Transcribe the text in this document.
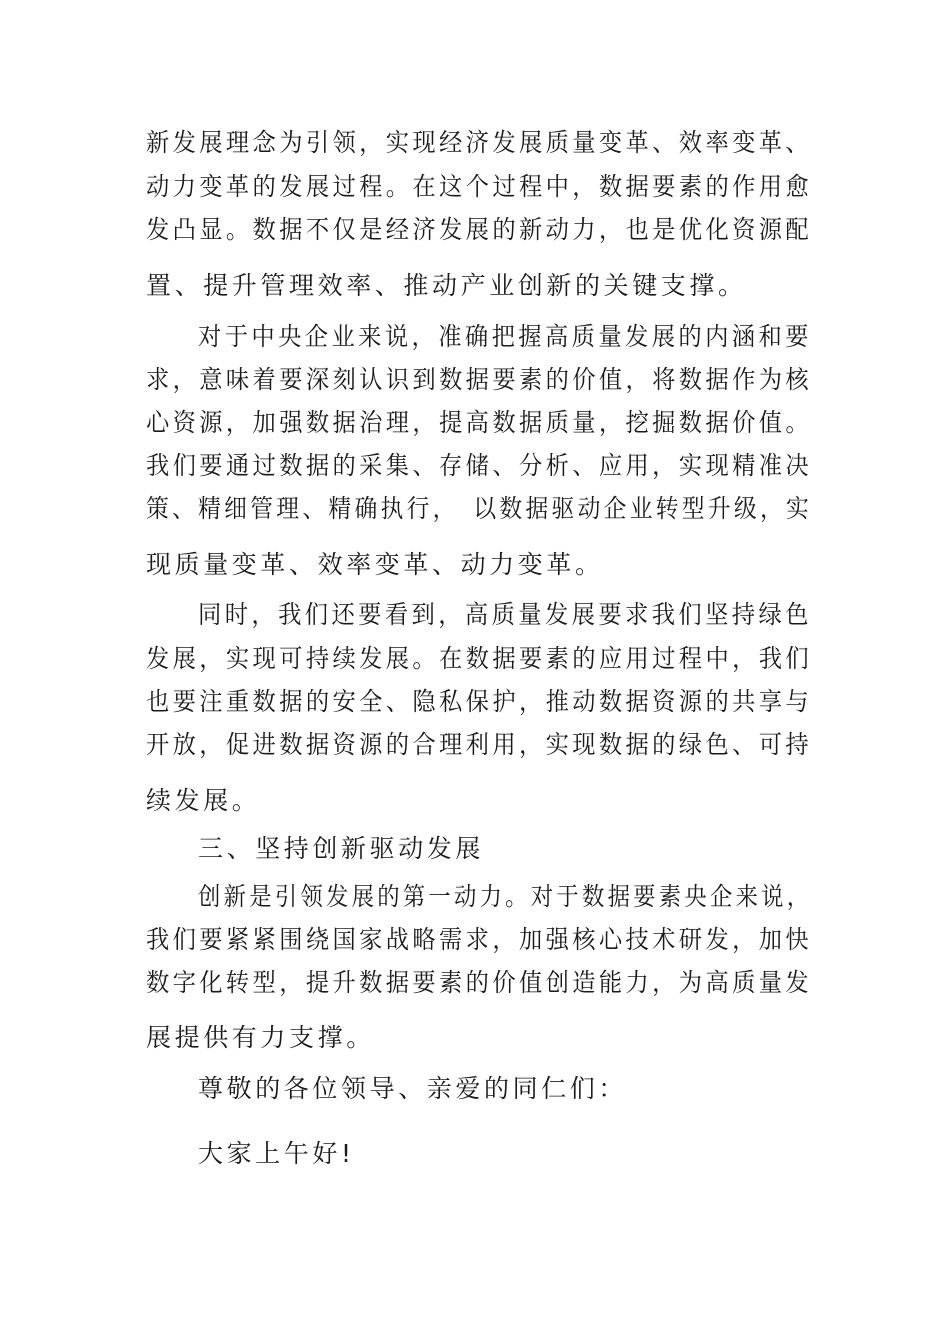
新发展理念为引领，实现经济发展质量变革、效率变革、
动力变革的发展过程。在这个过程中，数据要素的作用愈
发凸显。数据不仅是经济发展的新动力，也是优化资源配
置、提升管理效率、推动产业创新的关键支撑。
对于中央企业来说，准确把握高质量发展的内涵和要
求，意味着要深刻认识到数据要素的价值，将数据作为核
心资源，加强数据治理，提高数据质量，挖掘数据价值。
我们要通过数据的采集、存储、分析、应用，实现精准决
策、精细管理、精确执行，　以数据驱动企业转型升级，实
现质量变革、效率变革、动力变革。
同时，我们还要看到，高质量发展要求我们坚持绿色
发展，实现可持续发展。在数据要素的应用过程中，我们
也要注重数据的安全、隐私保护，推动数据资源的共享与
开放，促进数据资源的合理利用，实现数据的绿色、可持
续发展。
三、坚持创新驱动发展
创新是引领发展的第一动力。对于数据要素央企来说，
我们要紧紧围绕国家战略需求，加强核心技术研发，加快
数字化转型，提升数据要素的价值创造能力，为高质量发
展提供有力支撑。
尊敬的各位领导、亲爱的同仁们：
大家上午好!
